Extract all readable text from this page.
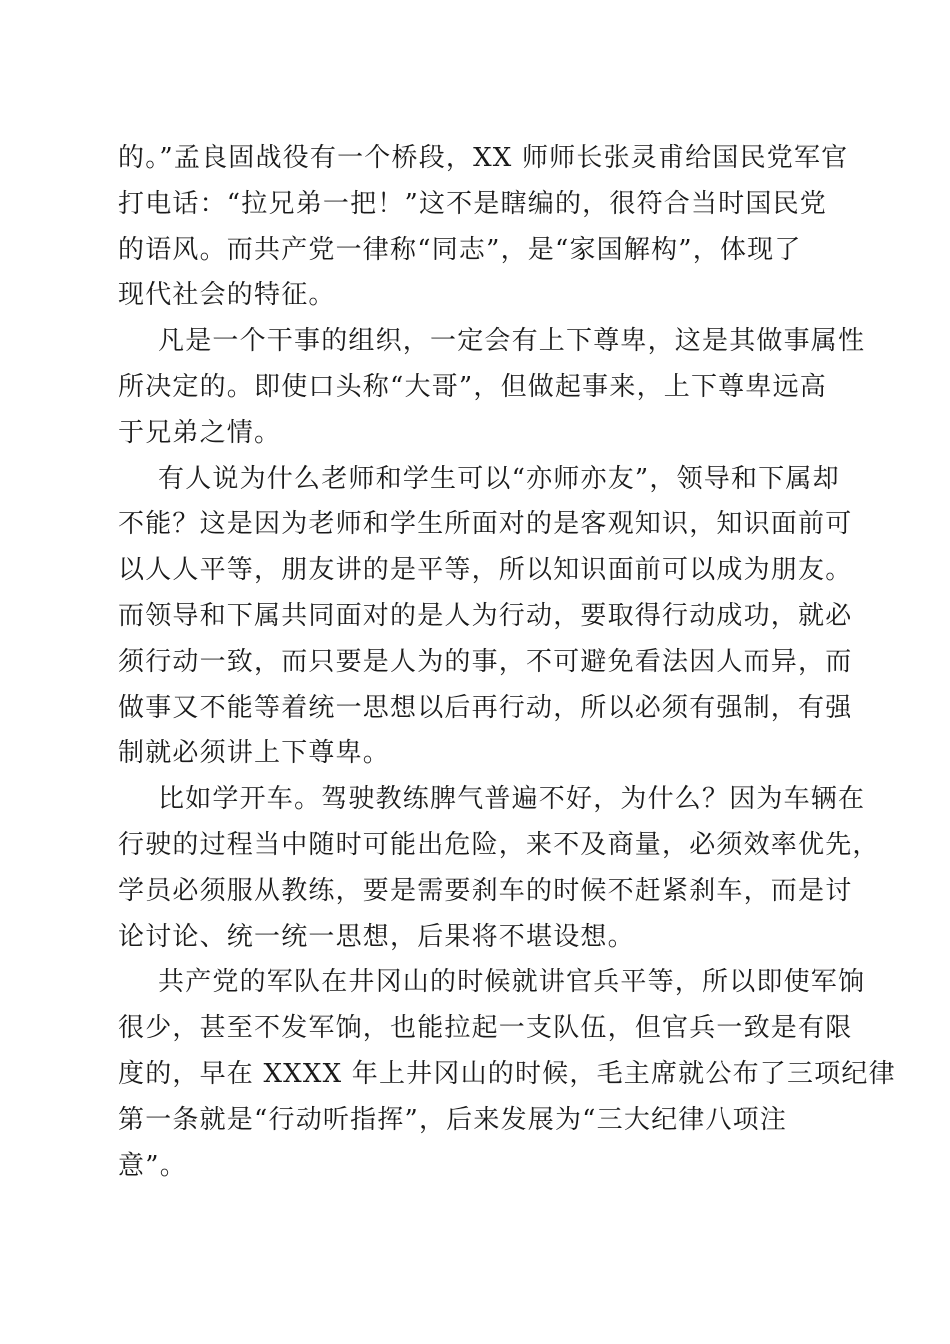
的。”孟良固战役有一个桥段，XX 师师长张灵甫给国民党军官
打电话：“拉兄弟一把！”这不是瞎编的，很符合当时国民党
的语风。而共产党一律称“同志”，是“家国解构”，体现了
现代社会的特征。
凡是一个干事的组织，一定会有上下尊卑，这是其做事属性
所决定的。即使口头称“大哥”，但做起事来，上下尊卑远高
于兄弟之情。
有人说为什么老师和学生可以“亦师亦友”，领导和下属却
不能？这是因为老师和学生所面对的是客观知识，知识面前可
以人人平等，朋友讲的是平等，所以知识面前可以成为朋友。
而领导和下属共同面对的是人为行动，要取得行动成功，就必
须行动一致，而只要是人为的事，不可避免看法因人而异，而
做事又不能等着统一思想以后再行动，所以必须有强制，有强
制就必须讲上下尊卑。
比如学开车。驾驶教练脾气普遍不好，为什么？因为车辆在
行驶的过程当中随时可能出危险，来不及商量，必须效率优先，
学员必须服从教练，要是需要刹车的时候不赶紧刹车，而是讨
论讨论、统一统一思想，后果将不堪设想。
共产党的军队在井冈山的时候就讲官兵平等，所以即使军饷
很少，甚至不发军饷，也能拉起一支队伍，但官兵一致是有限
度的，早在 XXXX 年上井冈山的时候，毛主席就公布了三项纪律
第一条就是“行动听指挥”，后来发展为“三大纪律八项注
意”。
